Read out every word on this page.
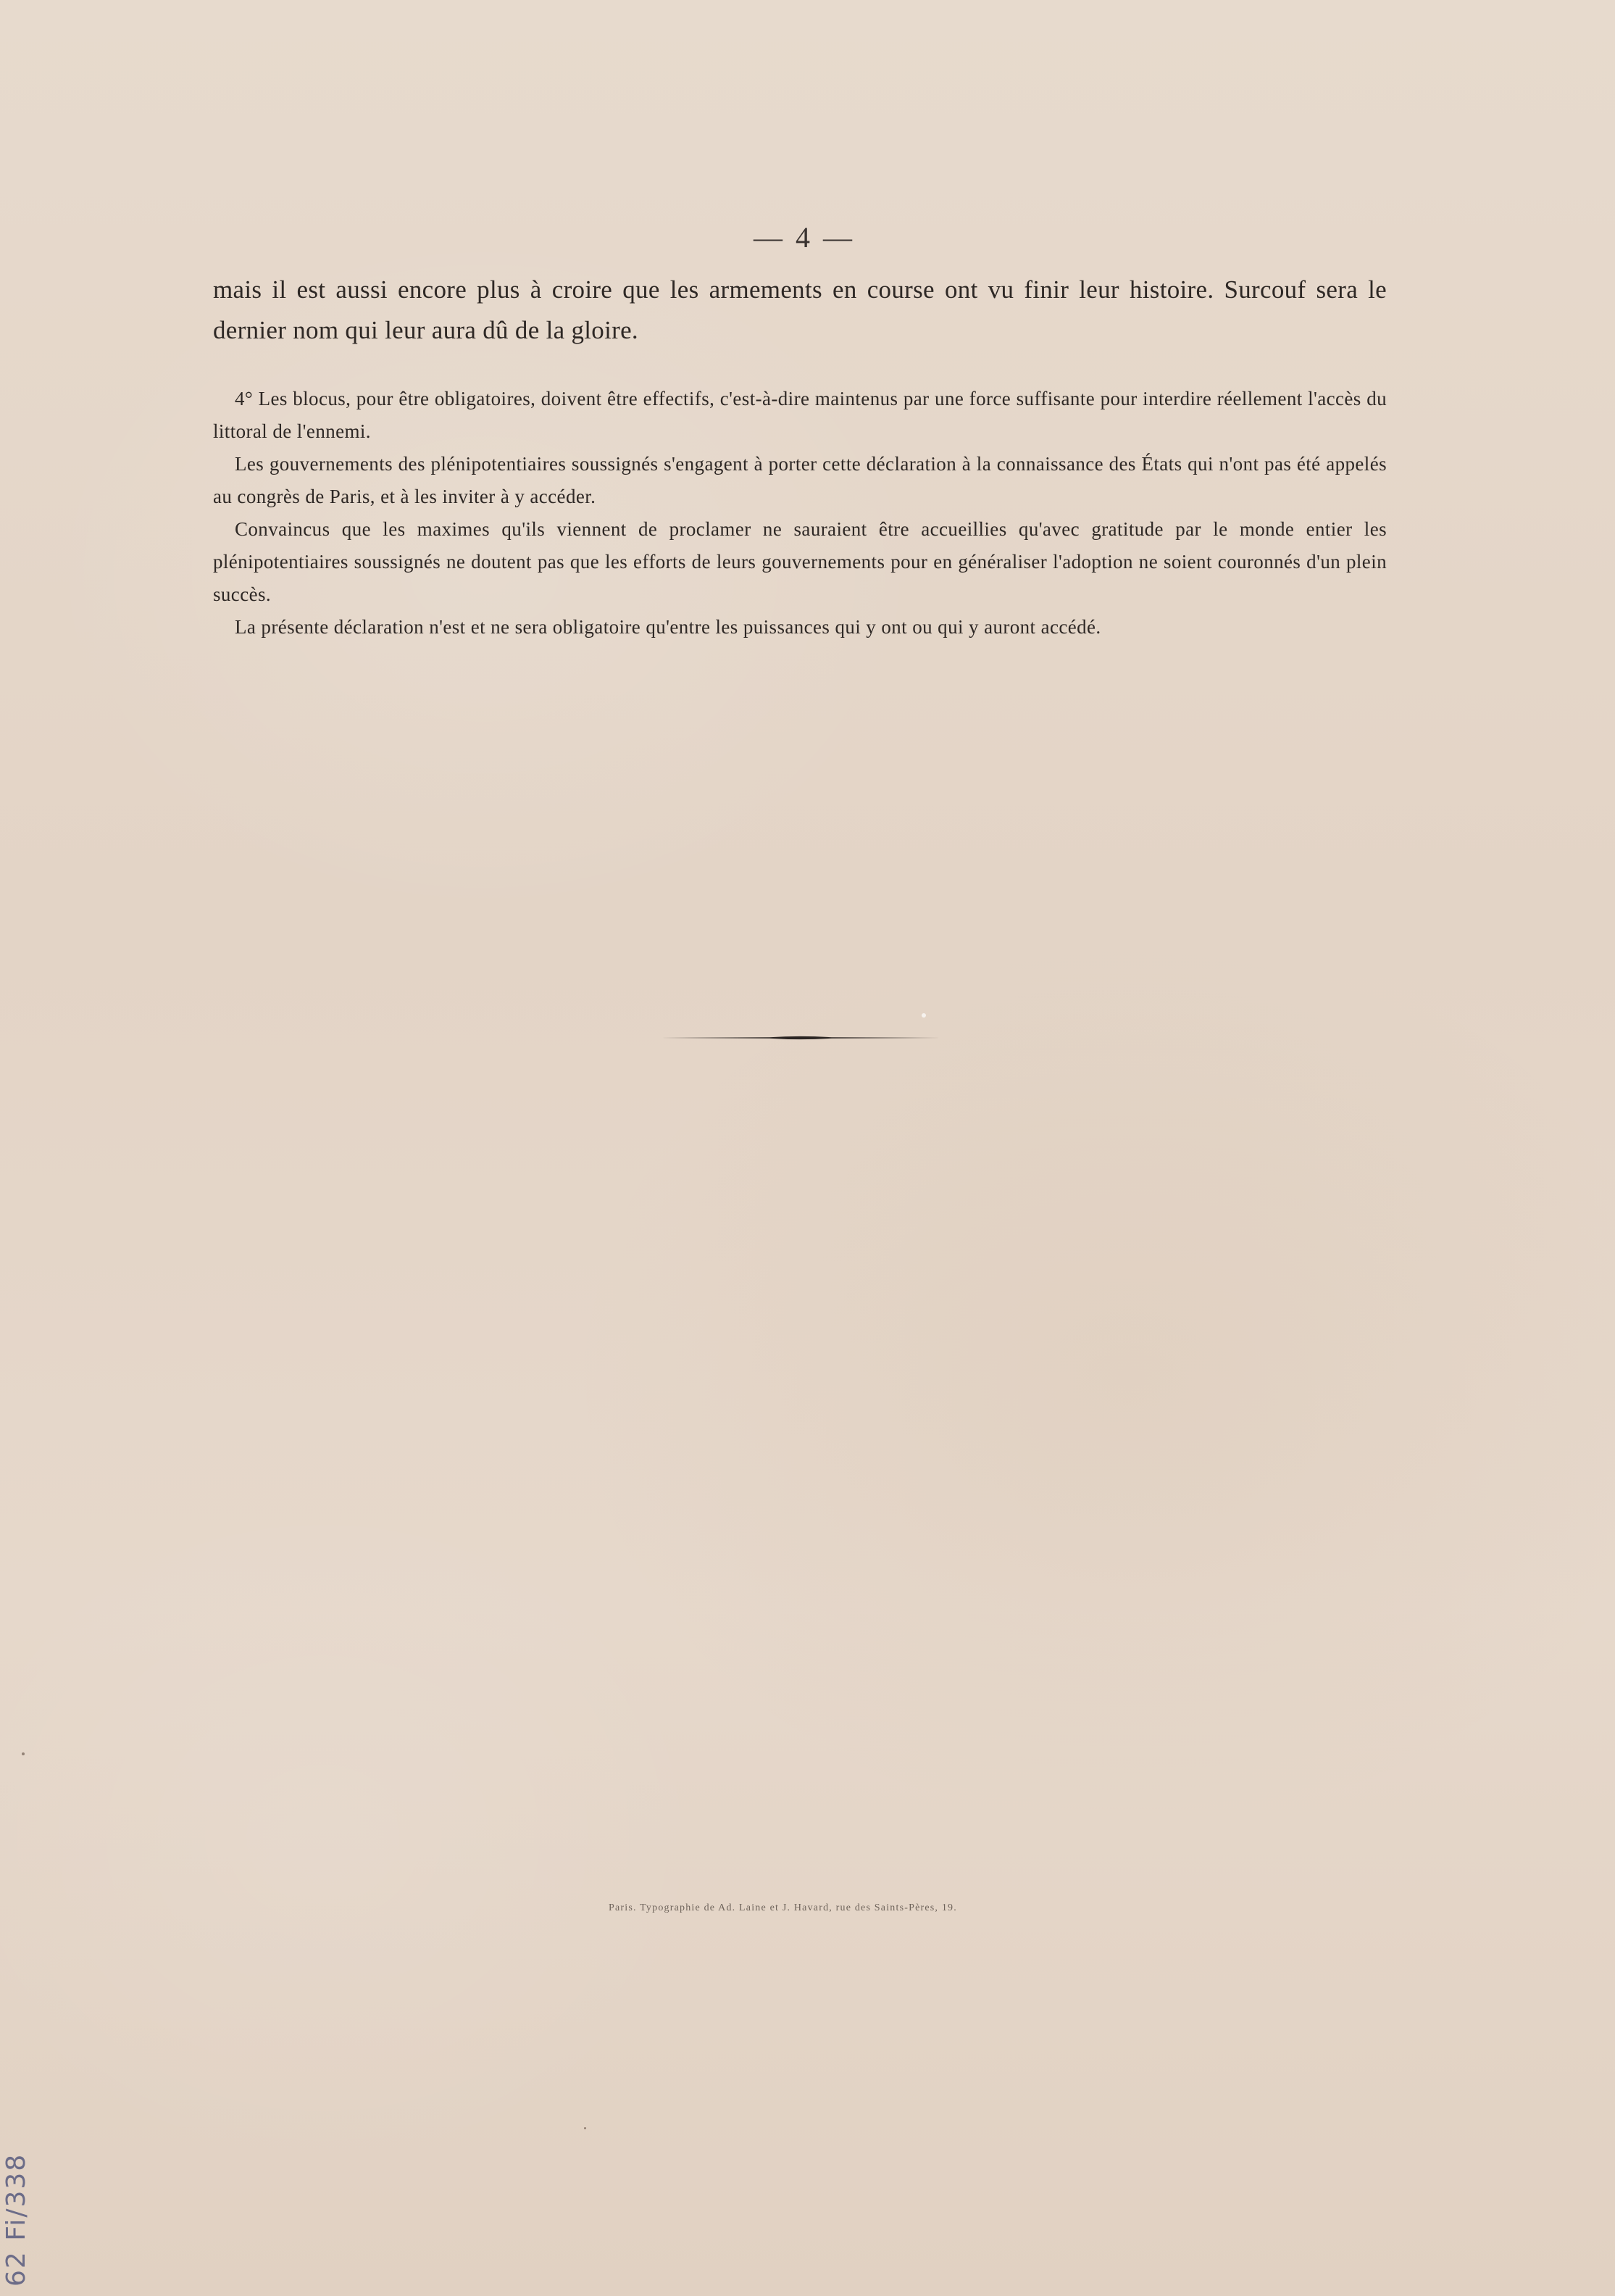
— 4 —
mais il est aussi encore plus à croire que les armements en course ont vu finir leur histoire. Surcouf sera le dernier nom qui leur aura dû de la gloire.

4° Les blocus, pour être obligatoires, doivent être effectifs, c'est-à-dire maintenus par une force suffisante pour interdire réellement l'accès du littoral de l'ennemi.

Les gouvernements des plénipotentiaires soussignés s'engagent à porter cette déclaration à la connaissance des États qui n'ont pas été appelés au congrès de Paris, et à les inviter à y accéder.

Convaincus que les maximes qu'ils viennent de proclamer ne sauraient être accueillies qu'avec gratitude par le monde entier les plénipotentiaires soussignés ne doutent pas que les efforts de leurs gouvernements pour en généraliser l'adoption ne soient couronnés d'un plein succès.

La présente déclaration n'est et ne sera obligatoire qu'entre les puissances qui y ont ou qui y auront accédé.

Paris. Typographie de Ad. Laine et J. Havard, rue des Saints-Pères, 19.
62 Fi/338
